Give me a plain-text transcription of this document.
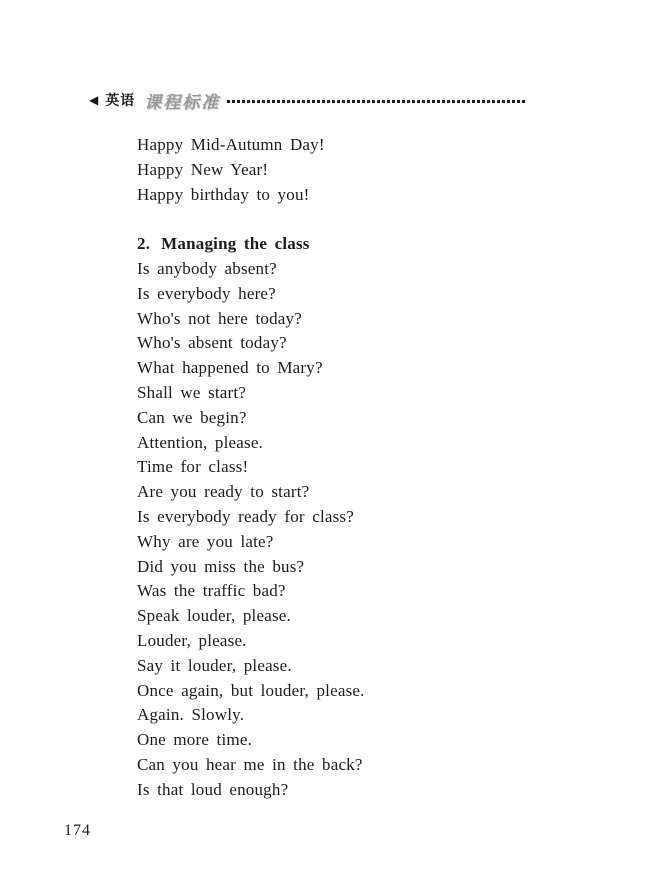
◀ 英语 课程标准
Happy Mid-Autumn Day!
Happy New Year!
Happy birthday to you!
2. Managing the class
Is anybody absent?
Is everybody here?
Who's not here today?
Who's absent today?
What happened to Mary?
Shall we start?
Can we begin?
Attention, please.
Time for class!
Are you ready to start?
Is everybody ready for class?
Why are you late?
Did you miss the bus?
Was the traffic bad?
Speak louder, please.
Louder, please.
Say it louder, please.
Once again, but louder, please.
Again. Slowly.
One more time.
Can you hear me in the back?
Is that loud enough?
174
